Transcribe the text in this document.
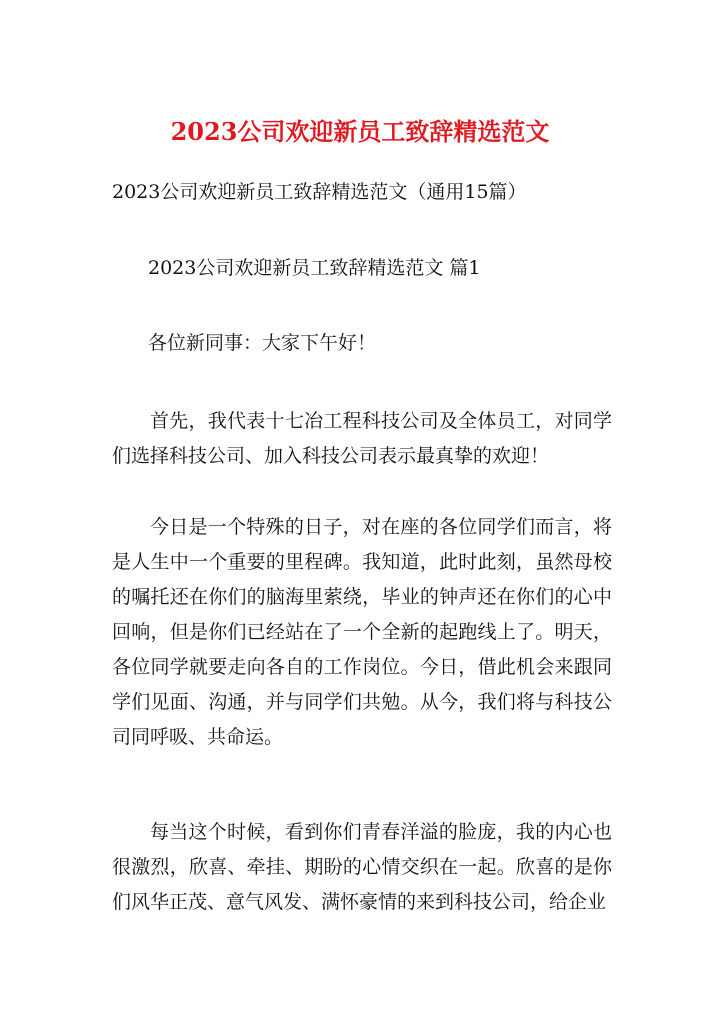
2023公司欢迎新员工致辞精选范文
2023公司欢迎新员工致辞精选范文（通用15篇）
2023公司欢迎新员工致辞精选范文 篇1
各位新同事：大家下午好！
首先，我代表十七冶工程科技公司及全体员工，对同学们选择科技公司、加入科技公司表示最真挚的欢迎！
今日是一个特殊的日子，对在座的各位同学们而言，将是人生中一个重要的里程碑。我知道，此时此刻，虽然母校的嘱托还在你们的脑海里萦绕，毕业的钟声还在你们的心中回响，但是你们已经站在了一个全新的起跑线上了。明天，各位同学就要走向各自的工作岗位。今日，借此机会来跟同学们见面、沟通，并与同学们共勉。从今，我们将与科技公司同呼吸、共命运。
每当这个时候，看到你们青春洋溢的脸庞，我的内心也很激烈，欣喜、牵挂、期盼的心情交织在一起。欣喜的是你们风华正茂、意气风发、满怀豪情的来到科技公司，给企业
